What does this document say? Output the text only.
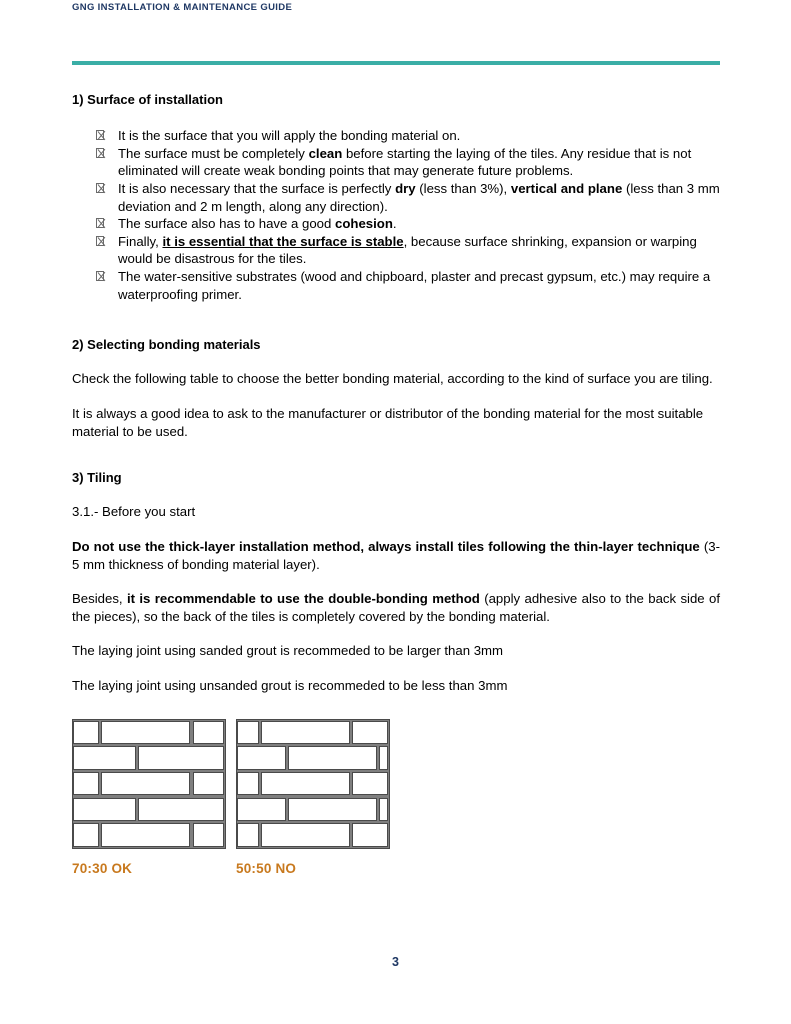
GNG INSTALLATION & MAINTENANCE GUIDE
1) Surface of installation
It is the surface that you will apply the bonding material on.
The surface must be completely clean before starting the laying of the tiles. Any residue that is not eliminated will create weak bonding points that may generate future problems.
It is also necessary that the surface is perfectly dry (less than 3%), vertical and plane (less than 3 mm deviation and 2 m length, along any direction).
The surface also has to have a good cohesion.
Finally, it is essential that the surface is stable, because surface shrinking, expansion or warping would be disastrous for the tiles.
The water-sensitive substrates (wood and chipboard, plaster and precast gypsum, etc.) may require a waterproofing primer.
2) Selecting bonding materials

Check the following table to choose the better bonding material, according to the kind of surface you are tiling.

It is always a good idea to ask to the manufacturer or distributor of the bonding material for the most suitable material to be used.

3) Tiling

3.1.- Before you start

Do not use the thick-layer installation method, always install tiles following the thin-layer technique (3-5 mm thickness of bonding material layer).

Besides, it is recommendable to use the double-bonding method (apply adhesive also to the back side of the pieces), so the back of the tiles is completely covered by the bonding material.

The laying joint using sanded grout is recommeded to be larger than 3mm

The laying joint using unsanded grout is recommeded to be less than 3mm

70:30 OK	50:50 NO
3
